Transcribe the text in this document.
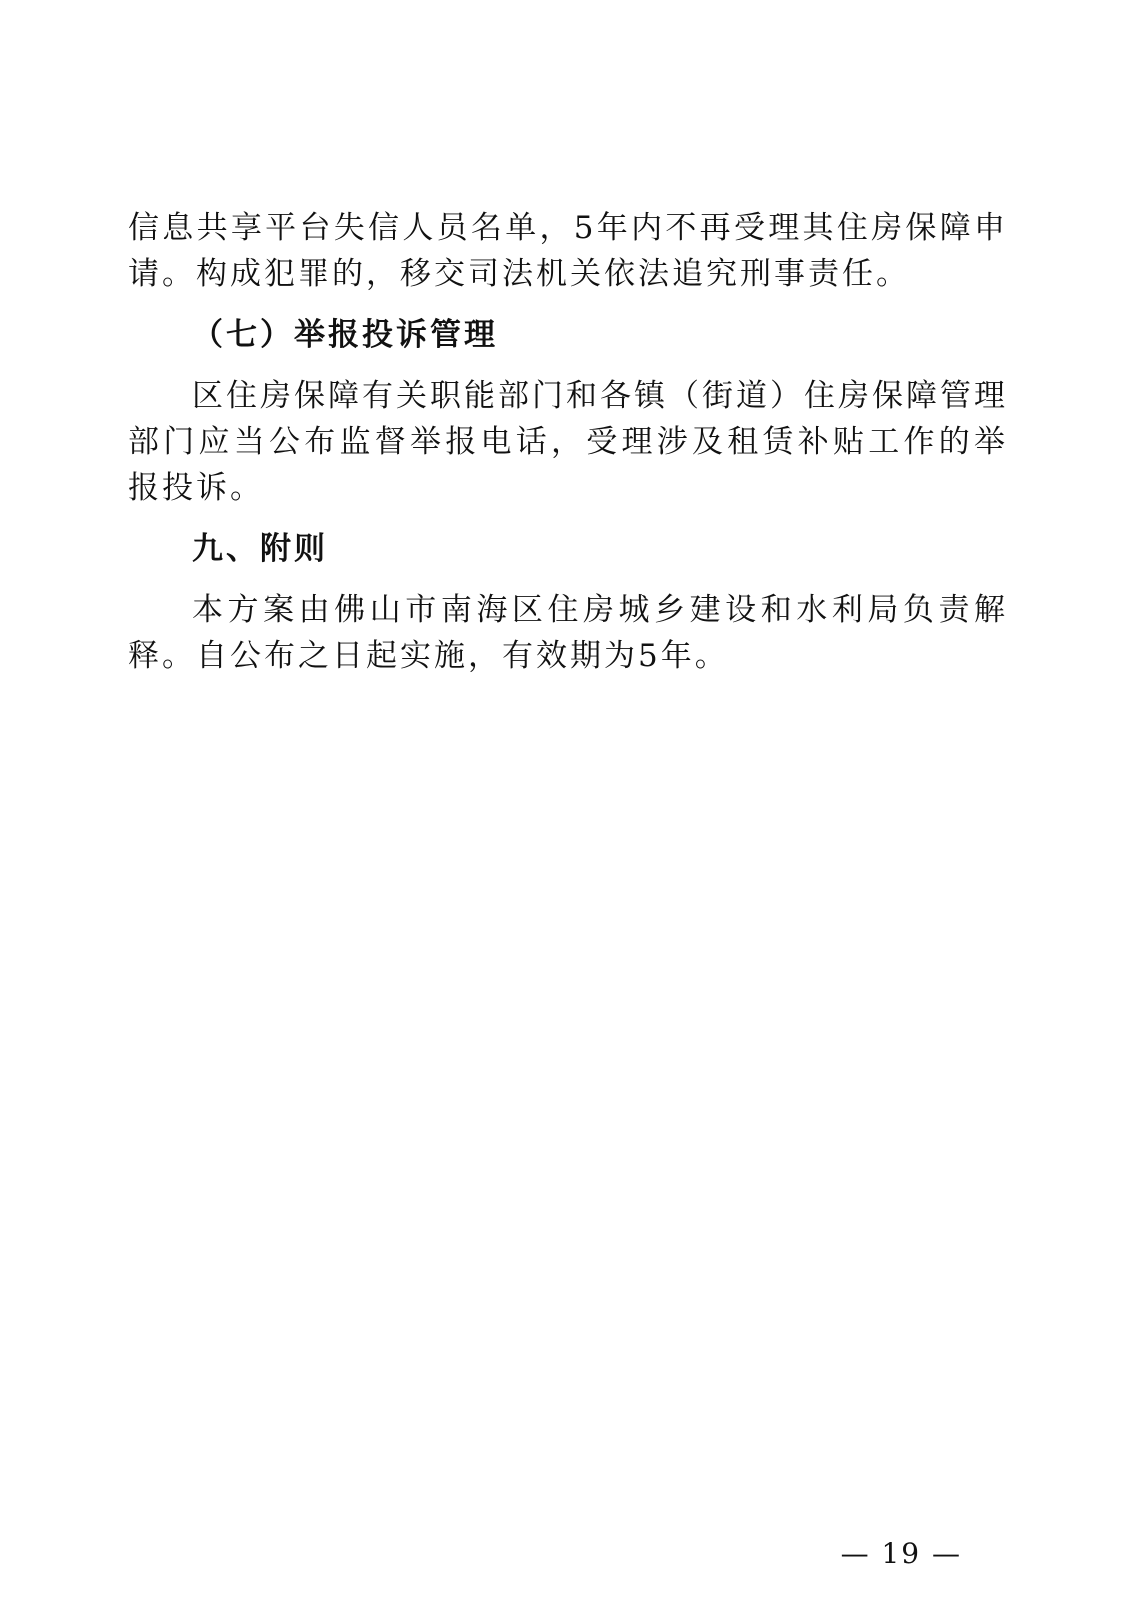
信息共享平台失信人员名单，5年内不再受理其住房保障申请。构成犯罪的，移交司法机关依法追究刑事责任。

（七）举报投诉管理

区住房保障有关职能部门和各镇（街道）住房保障管理部门应当公布监督举报电话，受理涉及租赁补贴工作的举报投诉。

九、附则

本方案由佛山市南海区住房城乡建设和水利局负责解释。自公布之日起实施，有效期为5年。

— 19 —
